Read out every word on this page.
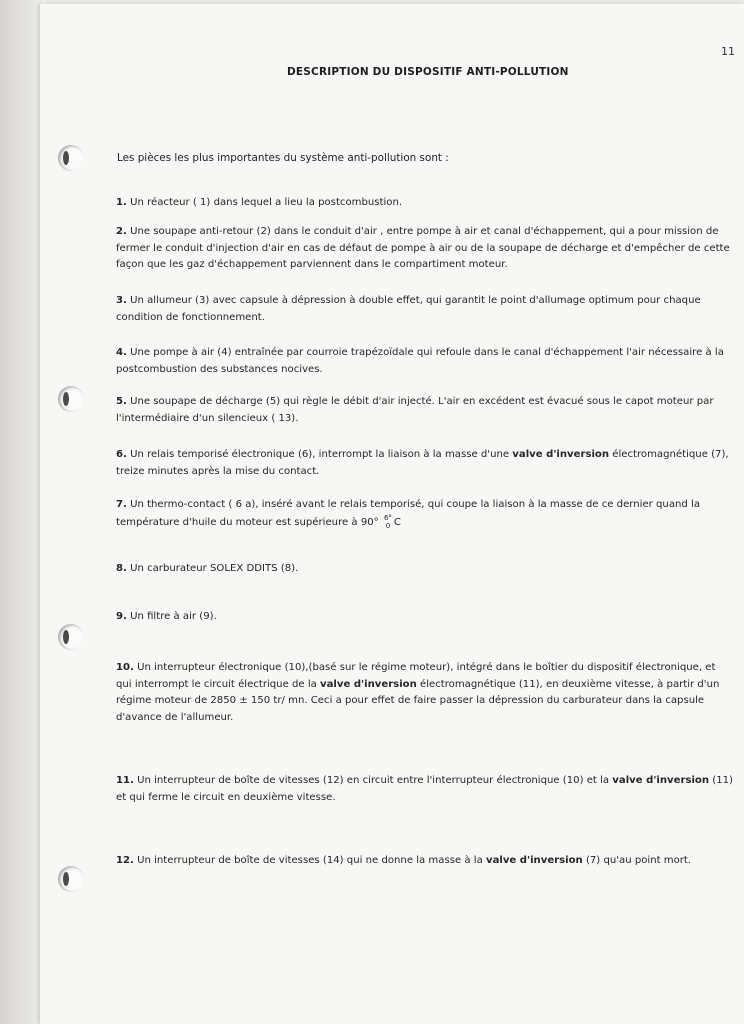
11
DESCRIPTION DU DISPOSITIF ANTI-POLLUTION
Les pièces les plus importantes du système anti-pollution sont :
1. Un réacteur ( 1) dans lequel a lieu la postcombustion.
2. Une soupape anti-retour (2) dans le conduit d'air , entre pompe à air et canal d'échappement, qui a pour mission de fermer le conduit d'injection d'air en cas de défaut de pompe à air ou de la soupape de décharge et d'empêcher de cette façon que les gaz d'échappement parviennent dans le compartiment moteur.
3. Un allumeur (3) avec capsule à dépression à double effet, qui garantit le point d'allumage optimum pour chaque condition de fonctionnement.
4. Une pompe à air (4) entraînée par courroie trapézoïdale qui refoule dans le canal d'échappement l'air nécessaire à la postcombustion des substances nocives.
5. Une soupape de décharge (5) qui règle le débit d'air injecté. L'air en excédent est évacué sous le capot moteur par l'intermédiaire d'un silencieux ( 13).
6. Un relais temporisé électronique (6), interrompt la liaison à la masse d'une valve d'inversion électromagnétique (7), treize minutes après la mise du contact.
7. Un thermo-contact ( 6 a), inséré avant le relais temporisé, qui coupe la liaison à la masse de ce dernier quand la température d'huile du moteur est supérieure à 90° 6°
0 C
8. Un carburateur SOLEX DDITS (8).
9. Un filtre à air (9).
10. Un interrupteur électronique (10),(basé sur le régime moteur), intégré dans le boîtier du dispositif électronique, et qui interrompt le circuit électrique de la valve d'inversion électromagnétique (11), en deuxième vitesse, à partir d'un régime moteur de 2850 ± 150 tr/ mn. Ceci a pour effet de faire passer la dépression du carburateur dans la capsule d'avance de l'allumeur.
11. Un interrupteur de boîte de vitesses (12) en circuit entre l'interrupteur électronique (10) et la valve d'inversion (11) et qui ferme le circuit en deuxième vitesse.
12. Un interrupteur de boîte de vitesses (14) qui ne donne la masse à la valve d'inversion (7) qu'au point mort.
